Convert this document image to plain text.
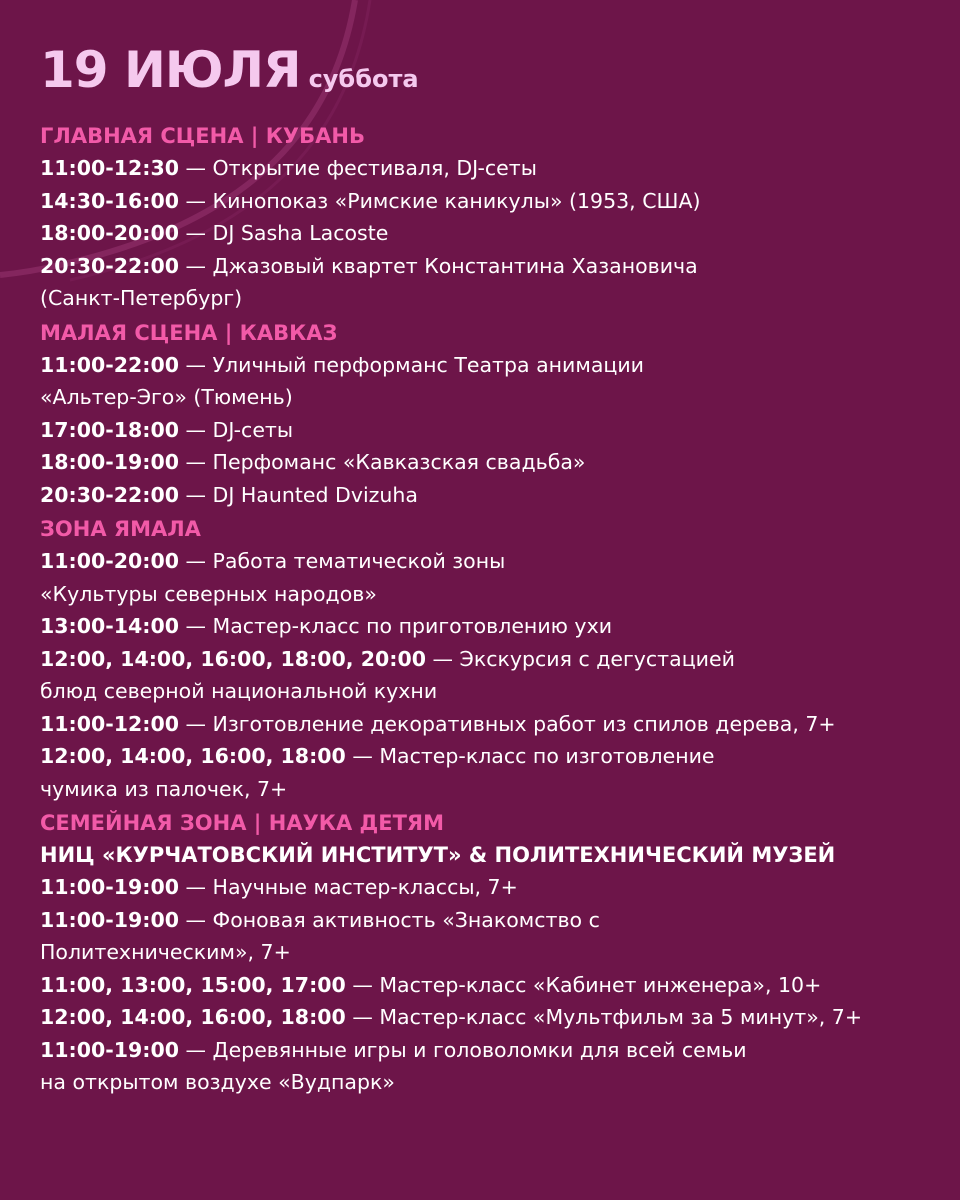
19 ИЮЛЯ суббота
ГЛАВНАЯ СЦЕНА | КУБАНЬ
11:00-12:30 — Открытие фестиваля, DJ-сеты
14:30-16:00 — Кинопоказ «Римские каникулы» (1953, США)
18:00-20:00 — DJ Sasha Lacoste
20:30-22:00 — Джазовый квартет Константина Хазановича
(Санкт-Петербург)
МАЛАЯ СЦЕНА | КАВКАЗ
11:00-22:00 — Уличный перформанс Театра анимации
«Альтер-Эго» (Тюмень)
17:00-18:00 — DJ-сеты
18:00-19:00 — Перфоманс «Кавказская свадьба»
20:30-22:00 — DJ Haunted Dvizuha
ЗОНА ЯМАЛА
11:00-20:00 — Работа тематической зоны
«Культуры северных народов»
13:00-14:00 — Мастер-класс по приготовлению ухи
12:00, 14:00, 16:00, 18:00, 20:00 — Экскурсия с дегустацией
блюд северной национальной кухни
11:00-12:00 — Изготовление декоративных работ из спилов дерева, 7+
12:00, 14:00, 16:00, 18:00 — Мастер-класс по изготовление
чумика из палочек, 7+
СЕМЕЙНАЯ ЗОНА | НАУКА ДЕТЯМ
НИЦ «КУРЧАТОВСКИЙ ИНСТИТУТ» & ПОЛИТЕХНИЧЕСКИЙ МУЗЕЙ
11:00-19:00 — Научные мастер-классы, 7+
11:00-19:00 — Фоновая активность «Знакомство с
Политехническим», 7+
11:00, 13:00, 15:00, 17:00 — Мастер-класс «Кабинет инженера», 10+
12:00, 14:00, 16:00, 18:00 — Мастер-класс «Мультфильм за 5 минут», 7+
11:00-19:00 — Деревянные игры и головоломки для всей семьи
на открытом воздухе «Вудпарк»
